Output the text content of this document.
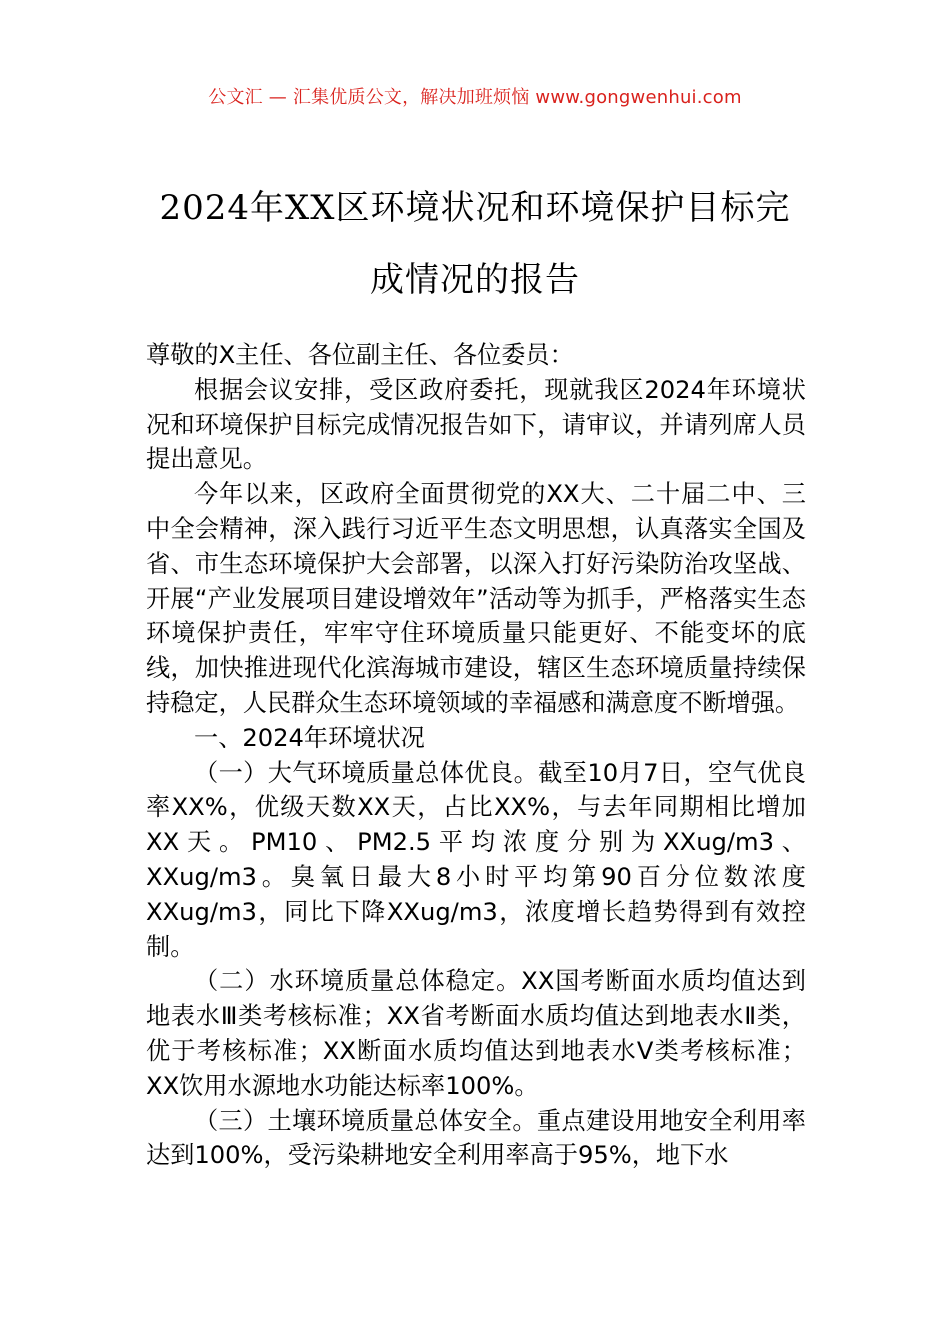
公文汇 — 汇集优质公文，解决加班烦恼 www.gongwenhui.com
2024年XX区环境状况和环境保护目标完
成情况的报告

尊敬的X主任、各位副主任、各位委员：

根据会议安排，受区政府委托，现就我区2024年环境状况和环境保护目标完成情况报告如下，请审议，并请列席人员提出意见。

今年以来，区政府全面贯彻党的XX大、二十届二中、三中全会精神，深入践行习近平生态文明思想，认真落实全国及省、市生态环境保护大会部署，以深入打好污染防治攻坚战、开展“产业发展项目建设增效年”活动等为抓手，严格落实生态环境保护责任，牢牢守住环境质量只能更好、不能变坏的底线，加快推进现代化滨海城市建设，辖区生态环境质量持续保持稳定，人民群众生态环境领域的幸福感和满意度不断增强。

一、2024年环境状况

（一）大气环境质量总体优良。截至10月7日，空气优良率XX%，优级天数XX天，占比XX%，与去年同期相比增加XX天。PM10、PM2.5平均浓度分别为XXug/m3、XXug/m3。臭氧日最大8小时平均第90百分位数浓度XXug/m3，同比下降XXug/m3，浓度增长趋势得到有效控制。

（二）水环境质量总体稳定。XX国考断面水质均值达到地表水Ⅲ类考核标准；XX省考断面水质均值达到地表水Ⅱ类，优于考核标准；XX断面水质均值达到地表水Ⅴ类考核标准；XX饮用水源地水功能达标率100%。

（三）土壤环境质量总体安全。重点建设用地安全利用率达到100%，受污染耕地安全利用率高于95%，地下水
